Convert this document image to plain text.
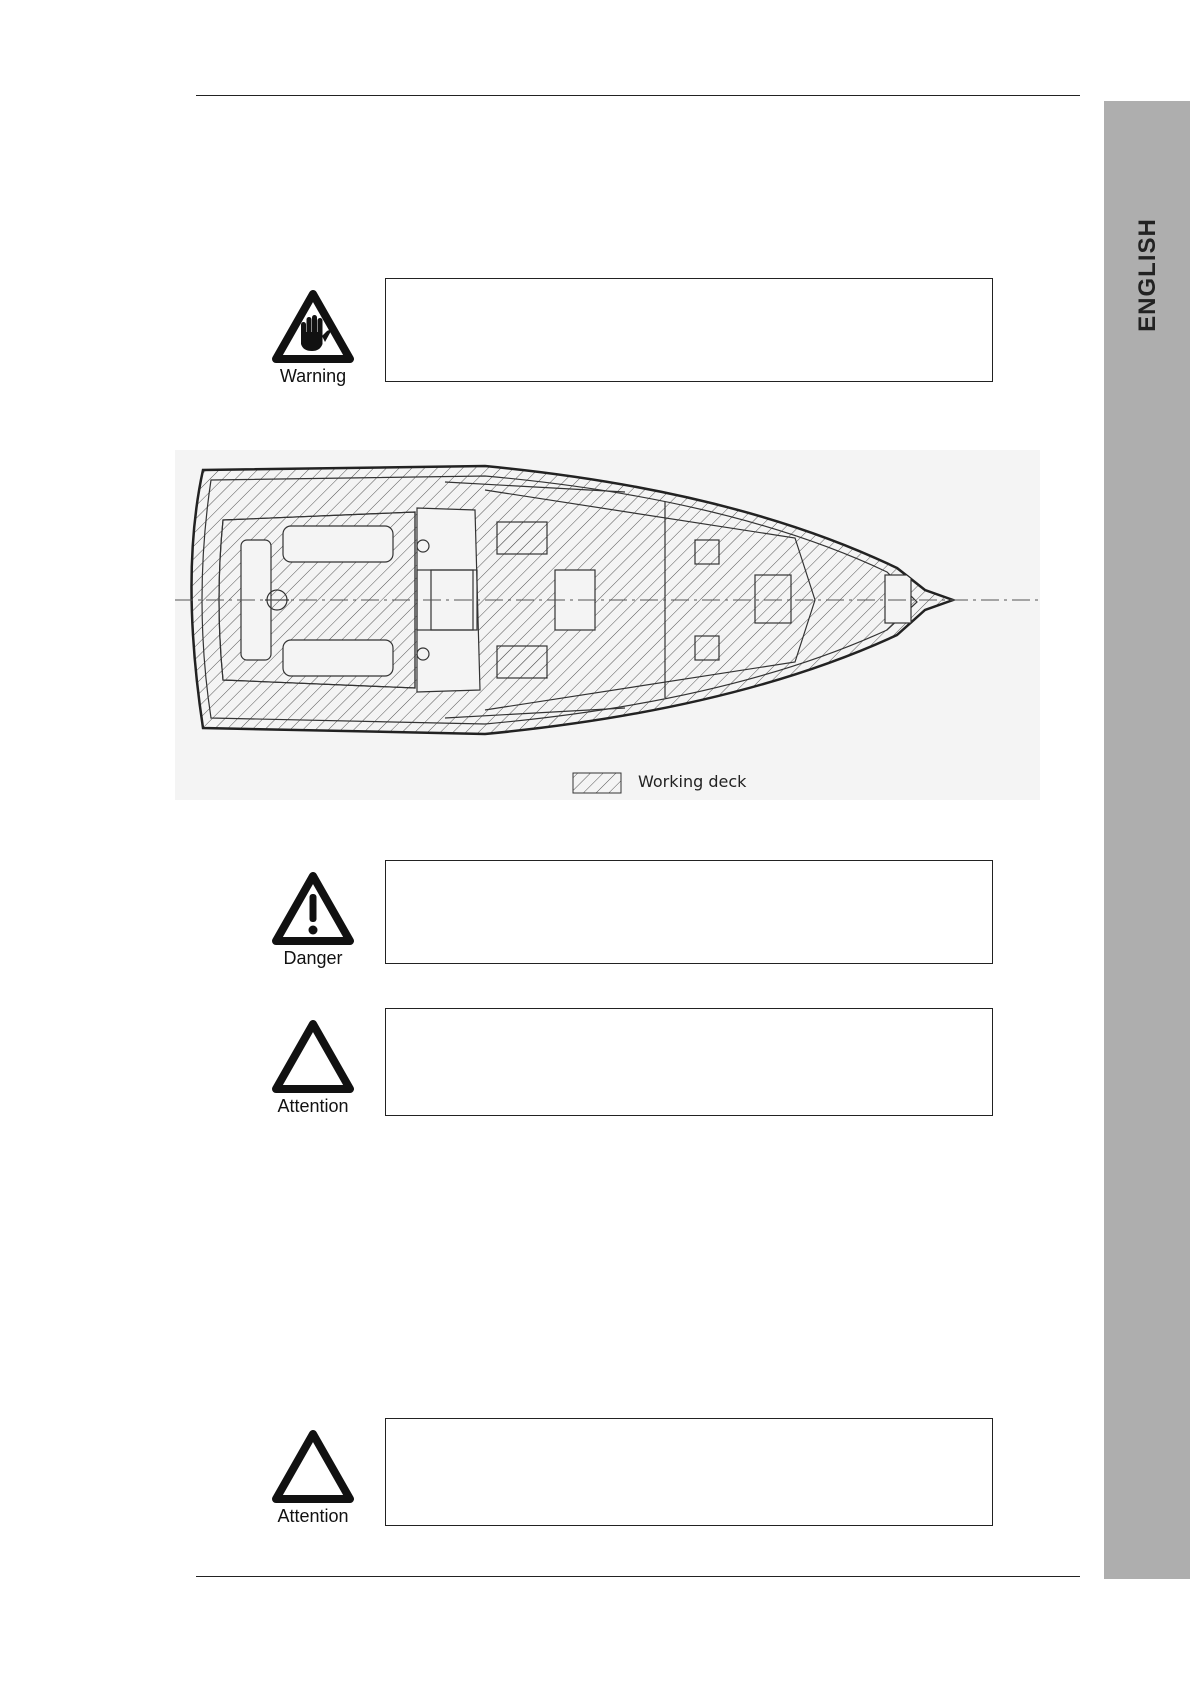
ENGLISH
Warning
Working deck
Danger
Attention
Attention
